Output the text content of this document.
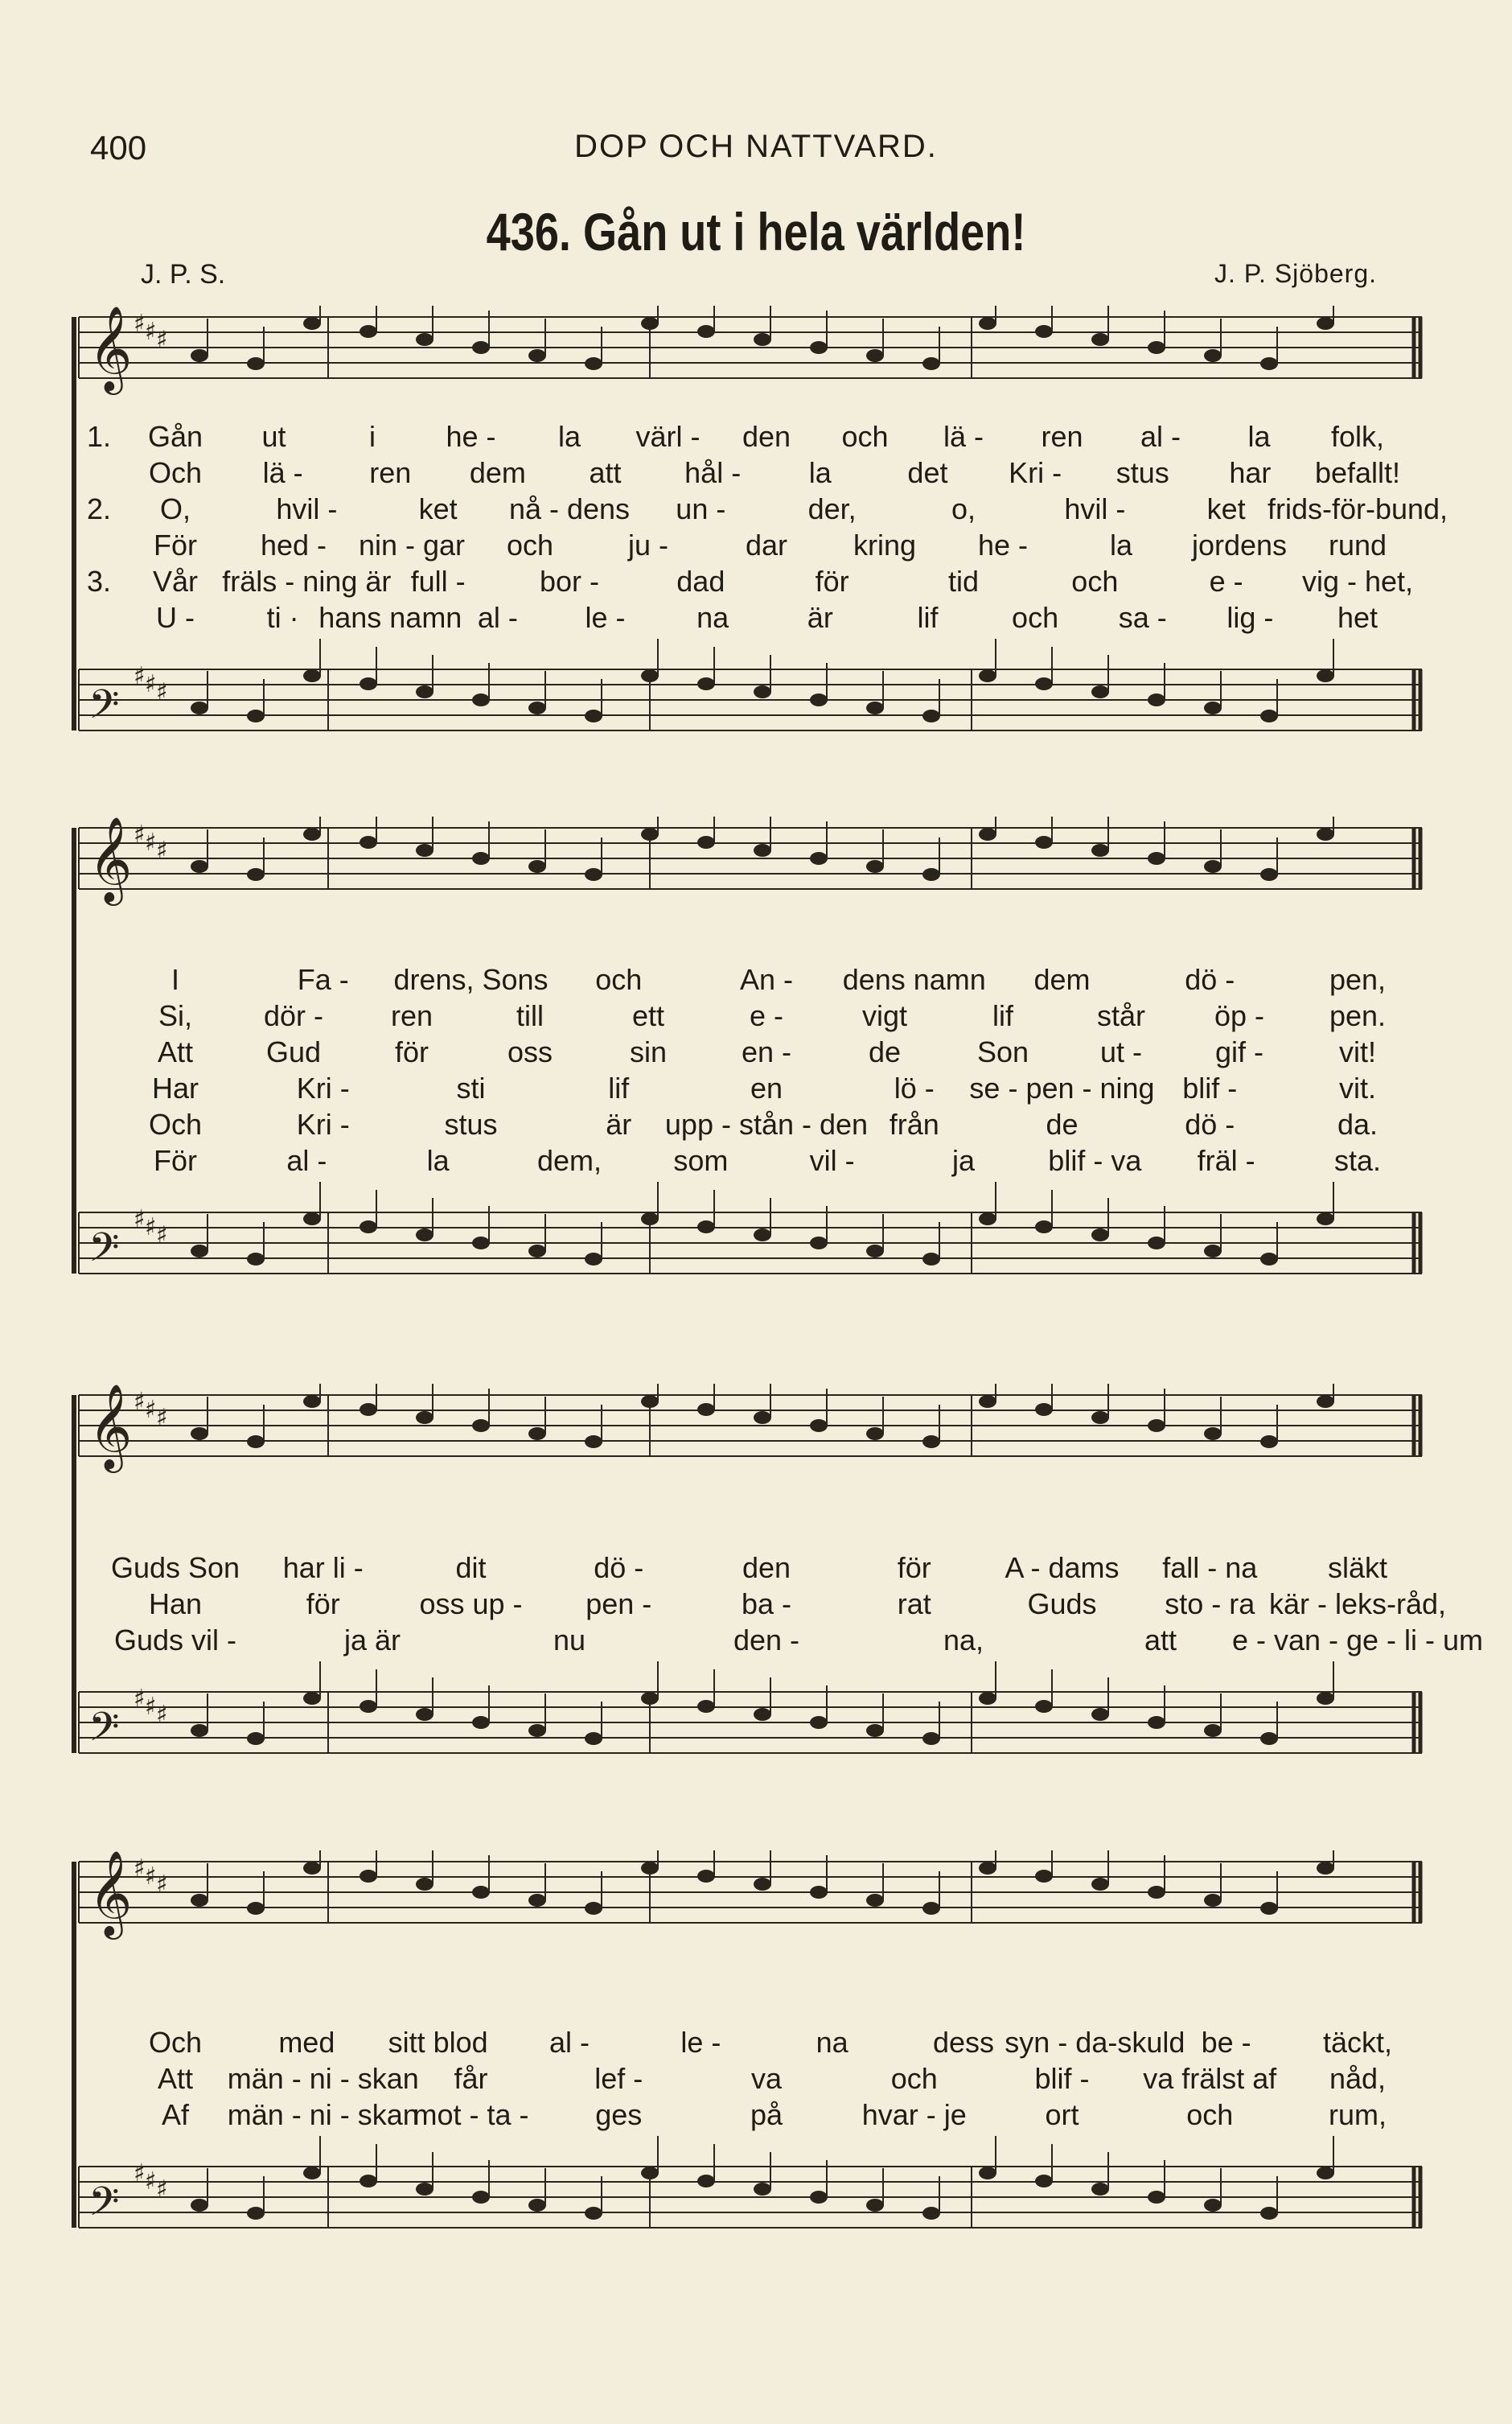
400	DOP OCH NATTVARD.
436. Gån ut i hela världen!
J. P. S.	J. P. Sjöberg.
𝄞 ♯ ♯ ♯
𝄢
♯ ♯ ♯
1. Gån ut	i he - la värl - den och lä - ren al - la folk,
Och lä - ren dem att hål - la	det Kri - stus har befallt!
2. O,	hvil -	ket nå - dens un -	der,	o,	hvil -	ket frids-för-bund,
För hed - nin - gar och	ju -	dar kring he -	la jordens rund
3. Vår fräls - ning är full -	bor -	dad	för	tid	och	e - vig - het,
U - ti · hans namn al - le - na	är	lif	och sa - lig - het
𝄞 ♯ ♯ ♯
𝄢
♯ ♯ ♯
I	Fa - drens, Sons och	An - dens namn dem	dö -	pen,
Si, dör - ren	till	ett	e -	vigt	lif	står öp - pen.
Att	Gud	för	oss	sin	en -	de	Son ut -	gif -	vit!
Har	Kri -	sti	lif	en	lö - se - pen - ning blif -	vit.
Och	Kri -	stus	är upp - stån - den från	de	dö -	da.
För	al -	la	dem, som	vil -	ja	blif - va fräl -	sta.
𝄞 ♯ ♯ ♯
𝄢
♯ ♯ ♯
Guds Son har li -	dit	dö -	den	för	A - dams fall - na släkt
Han	för	oss up - pen -	ba -	rat	Guds sto - ra kär - leks-råd,
Guds vil -	ja är	nu	den -	na,	att e - van - ge - li - um
𝄞 ♯ ♯ ♯
𝄢
♯ ♯ ♯
Och	med sitt blod al -	le -	na	dess syn - da-skuld be - täckt,
Att män - ni - skan får	lef -	va	och	blif - va frälst af nåd,
Af män - ni - skan
mot - ta - ges	på	hvar - je	ort	och	rum,
